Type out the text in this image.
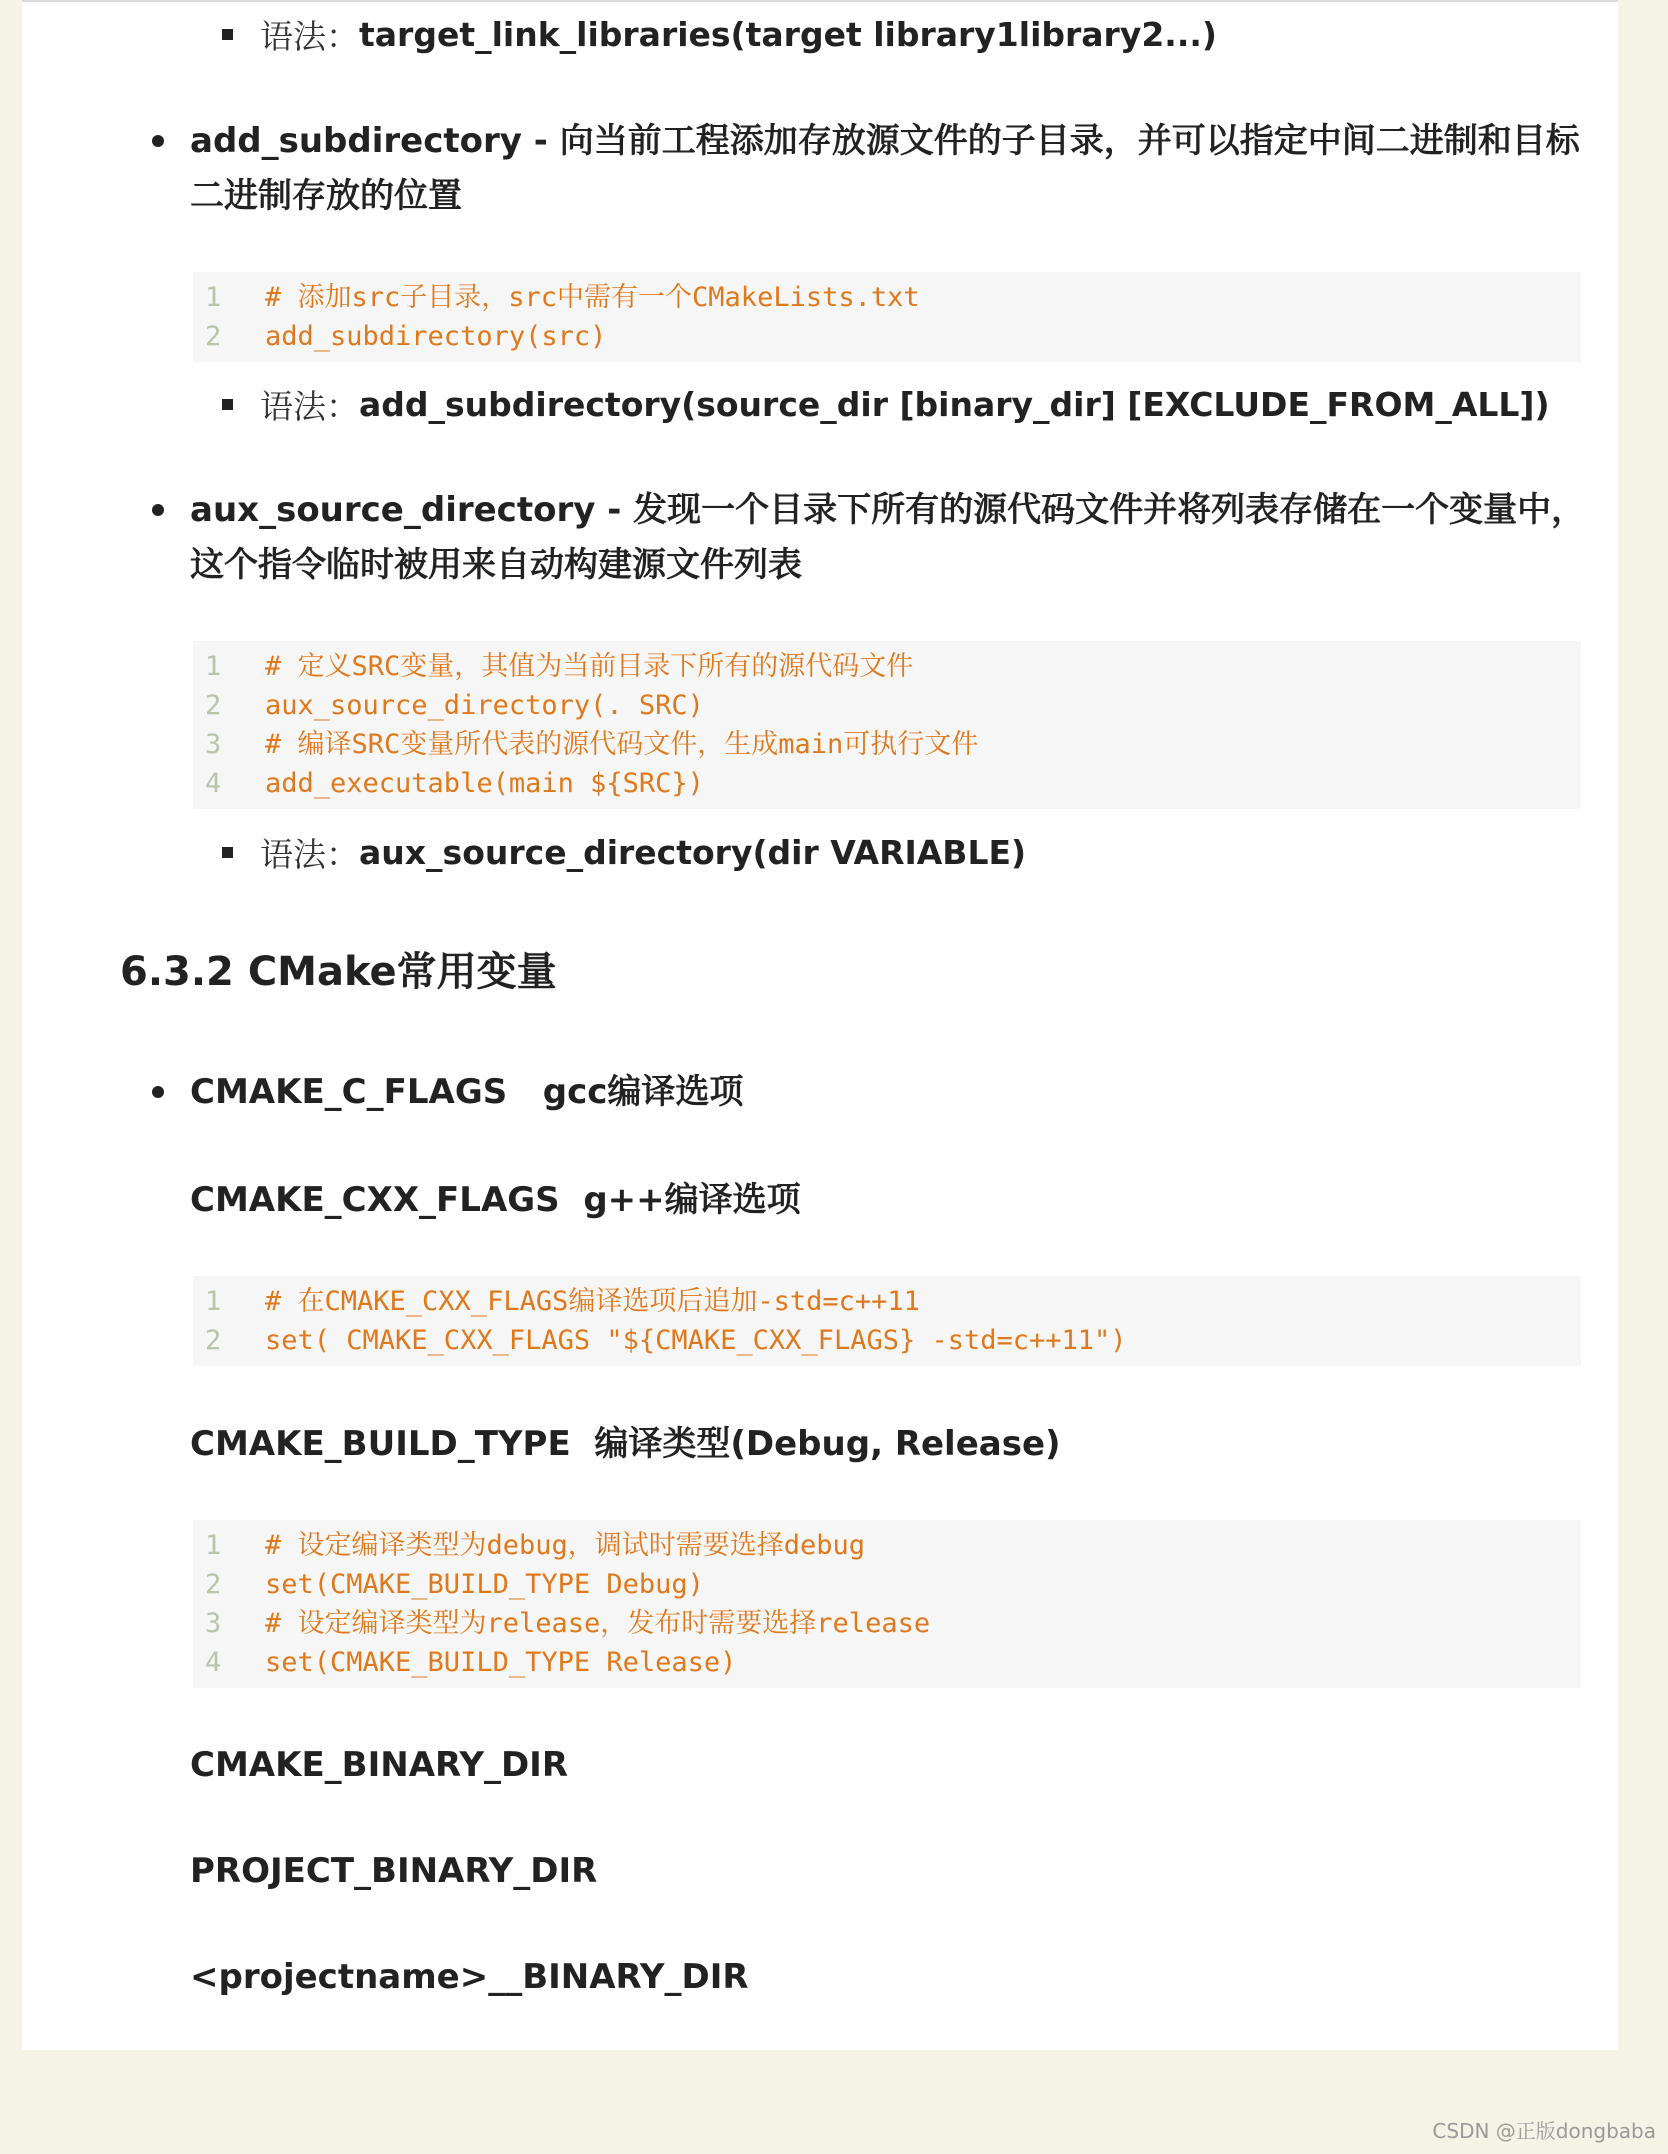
语法： target_link_libraries(target library1library2...)
add_subdirectory - 向当前工程添加存放源文件的子目录，并可以指定中间二进制和目标二进制存放的位置
1	# 添加src子目录，src中需有一个CMakeLists.txt
2	add_subdirectory(src)
语法： add_subdirectory(source_dir [binary_dir] [EXCLUDE_FROM_ALL])
aux_source_directory - 发现一个目录下所有的源代码文件并将列表存储在一个变量中，这个指令临时被用来自动构建源文件列表
1	# 定义SRC变量，其值为当前目录下所有的源代码文件
2	aux_source_directory(. SRC)
3	# 编译SRC变量所代表的源代码文件，生成main可执行文件
4	add_executable(main ${SRC})
语法： aux_source_directory(dir VARIABLE)
6.3.2 CMake常用变量
CMAKE_C_FLAGS   gcc编译选项
CMAKE_CXX_FLAGS  g++编译选项
1	# 在CMAKE_CXX_FLAGS编译选项后追加-std=c++11
2	set( CMAKE_CXX_FLAGS "${CMAKE_CXX_FLAGS} -std=c++11")
CMAKE_BUILD_TYPE  编译类型(Debug, Release)
1	# 设定编译类型为debug，调试时需要选择debug
2	set(CMAKE_BUILD_TYPE Debug)
3	# 设定编译类型为release，发布时需要选择release
4	set(CMAKE_BUILD_TYPE Release)
CMAKE_BINARY_DIR
PROJECT_BINARY_DIR
<projectname>__BINARY_DIR
CSDN @正版dongbaba
